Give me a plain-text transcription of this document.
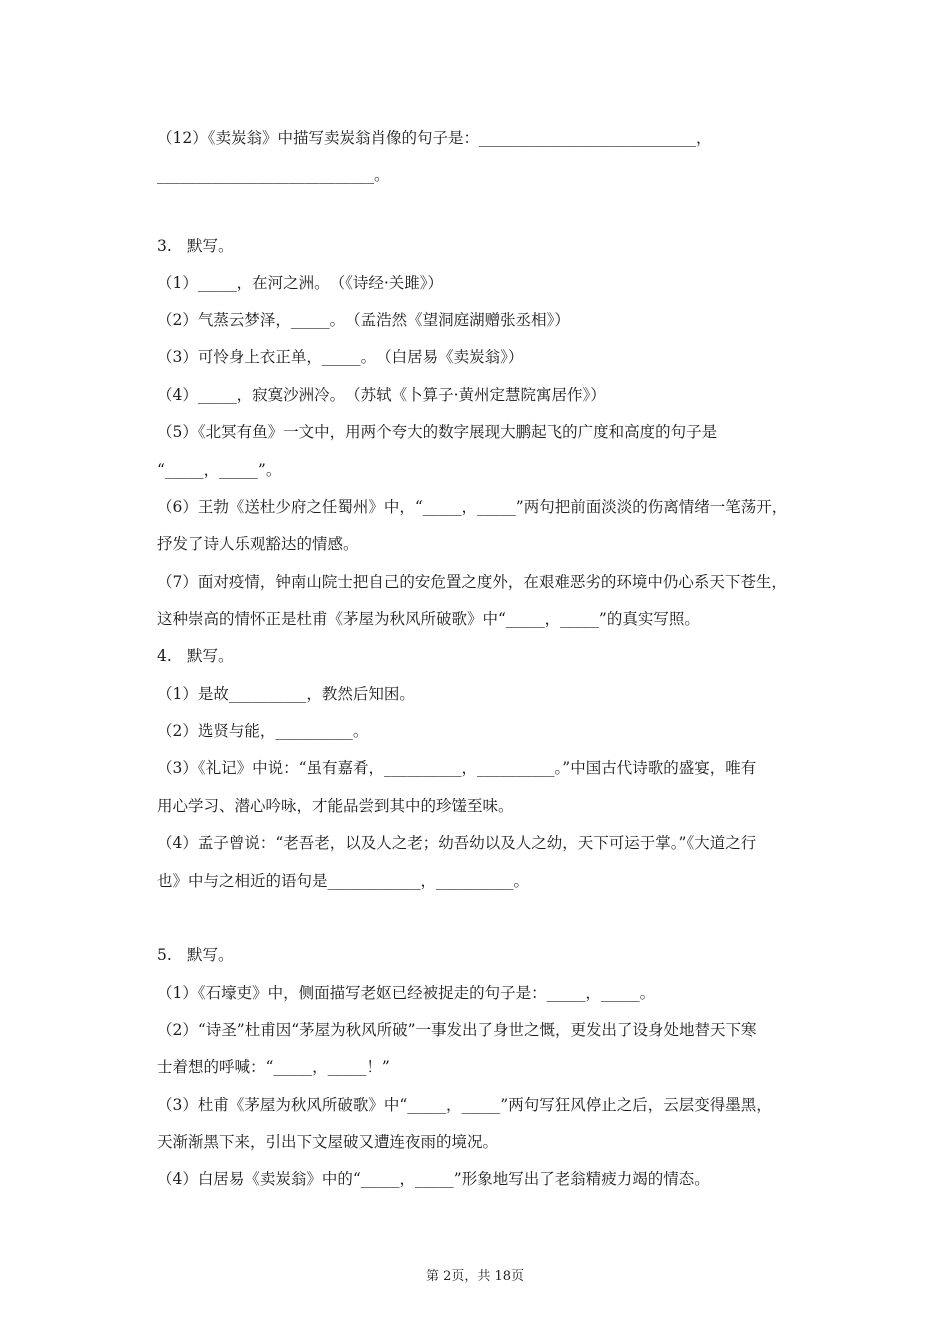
（12）《卖炭翁》中描写卖炭翁肖像的句子是：____________________________，
____________________________。
3. 默写。
（1）_____，在河之洲。　（《诗经·关雎》）
（2）气蒸云梦泽，_____。　（孟浩然《望洞庭湖赠张丞相》）
（3）可怜身上衣正单，_____。　（白居易《卖炭翁》）
（4）_____，寂寞沙洲冷。　（苏轼《卜算子·黄州定慧院寓居作》）
（5）《北冥有鱼》一文中，用两个夸大的数字展现大鹏起飞的广度和高度的句子是
“_____，_____”。
（6）王勃《送杜少府之任蜀州》中，“_____，_____”两句把前面淡淡的伤离情绪一笔荡开，
抒发了诗人乐观豁达的情感。
（7）面对疫情，钟南山院士把自己的安危置之度外，在艰难恶劣的环境中仍心系天下苍生，
这种崇高的情怀正是杜甫《茅屋为秋风所破歌》中“_____，_____”的真实写照。
4. 默写。
（1）是故__________，教然后知困。
（2）选贤与能，__________。
（3）《礼记》中说：“虽有嘉肴，__________，__________。”中国古代诗歌的盛宴，唯有
用心学习、潜心吟咏，才能品尝到其中的珍馐至味。
（4）孟子曾说：“老吾老，以及人之老；幼吾幼以及人之幼，天下可运于掌。”《大道之行
也》中与之相近的语句是____________，__________。
5. 默写。
（1）《石壕吏》中，侧面描写老妪已经被捉走的句子是：_____，_____。
（2）“诗圣”杜甫因“茅屋为秋风所破”一事发出了身世之慨，更发出了设身处地替天下寒
士着想的呼喊：“_____，_____！”
（3）杜甫《茅屋为秋风所破歌》中“_____，_____”两句写狂风停止之后，云层变得墨黑，
天渐渐黑下来，引出下文屋破又遭连夜雨的境况。
（4）白居易《卖炭翁》中的“_____，_____”形象地写出了老翁精疲力竭的情态。
第 2页，共 18页
